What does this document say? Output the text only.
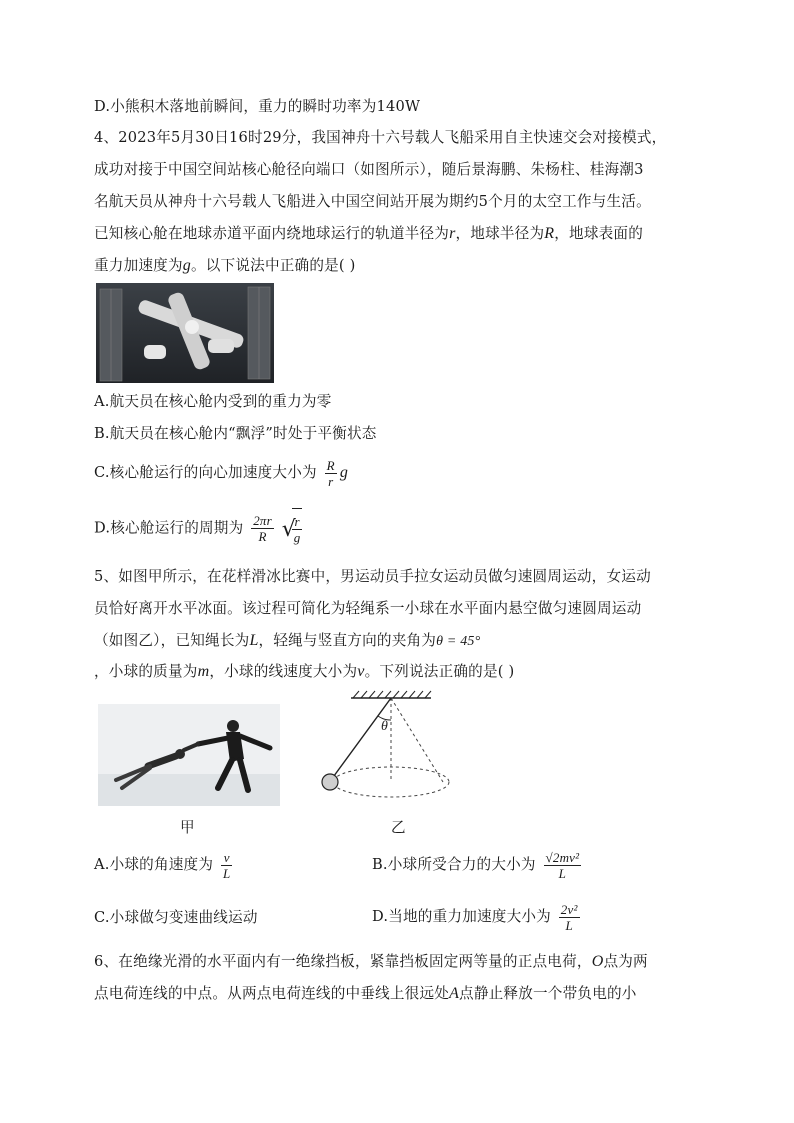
D.小熊积木落地前瞬间，重力的瞬时功率为140W
4、2023年5月30日16时29分，我国神舟十六号载人飞船采用自主快速交会对接模式，
成功对接于中国空间站核心舱径向端口（如图所示），随后景海鹏、朱杨柱、桂海潮3
名航天员从神舟十六号载人飞船进入中国空间站开展为期约5个月的太空工作与生活。
已知核心舱在地球赤道平面内绕地球运行的轨道半径为r，地球半径为R，地球表面的
重力加速度为g。以下说法中正确的是( )
A.航天员在核心舱内受到的重力为零
B.航天员在核心舱内“飘浮”时处于平衡状态
C.核心舱运行的向心加速度大小为 $\frac{R}{r}$ g
D.核心舱运行的周期为 $\frac{2\pi r}{R}$

√ $\frac{r}{g}$
5、如图甲所示，在花样滑冰比赛中，男运动员手拉女运动员做匀速圆周运动，女运动
员恰好离开水平冰面。该过程可简化为轻绳系一小球在水平面内悬空做匀速圆周运动
（如图乙），已知绳长为L，轻绳与竖直方向的夹角为θ = 45°
，小球的质量为m，小球的线速度大小为v。下列说法正确的是( )
甲
θ
乙
A.小球的角速度为 $\frac{v}{L}$	B.小球所受合力的大小为 $\frac{\text{√2mv²}}{L}$
C.小球做匀变速曲线运动	D.当地的重力加速度大小为 $\frac{\text{2v²}}{L}$
6、在绝缘光滑的水平面内有一绝缘挡板，紧靠挡板固定两等量的正点电荷，O点为两
点电荷连线的中点。从两点电荷连线的中垂线上很远处A点静止释放一个带负电的小
